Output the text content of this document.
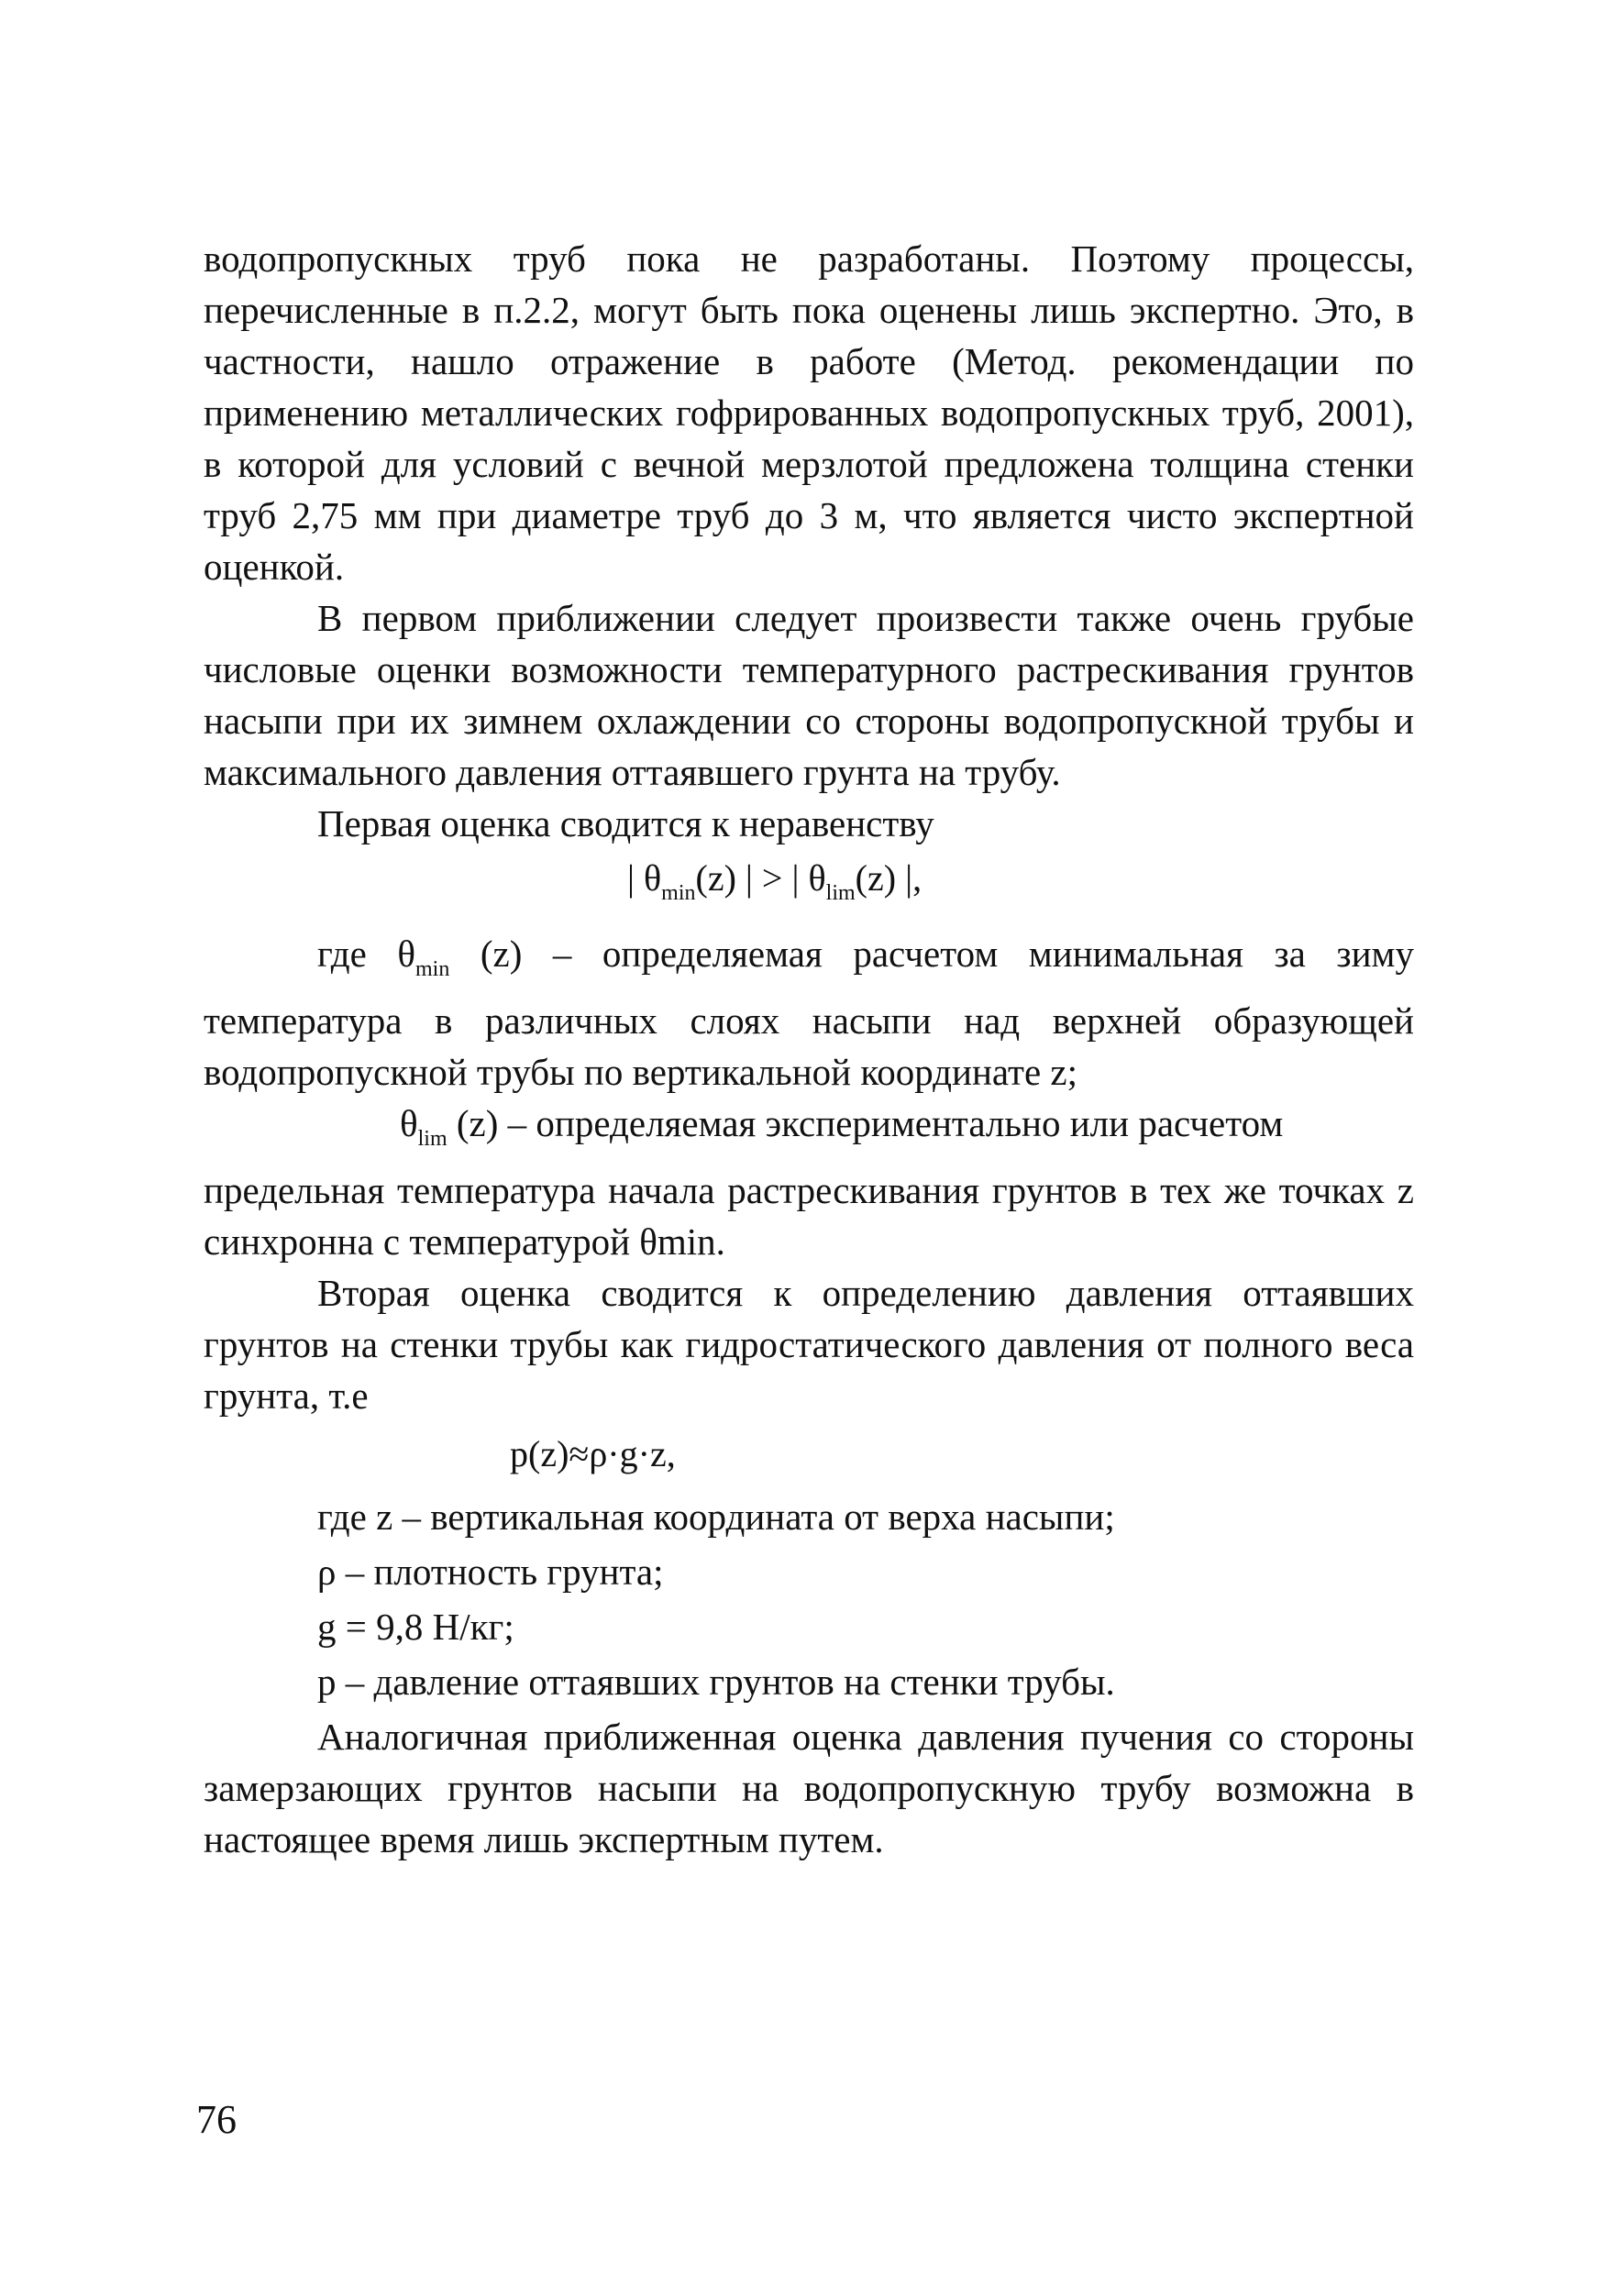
водопропускных труб пока не разработаны. Поэтому процессы, перечисленные в п.2.2, могут быть пока оценены лишь экспертно. Это, в частности, нашло отражение в работе (Метод. рекомендации по применению металлических гофрированных водопропускных труб, 2001), в которой для условий с вечной мерзлотой предложена толщина стенки труб 2,75 мм при диаметре труб до 3 м, что является чисто экспертной оценкой.

В первом приближении следует произвести также очень грубые числовые оценки возможности температурного растрескивания грунтов насыпи при их зимнем охлаждении со стороны водопропускной трубы и максимального давления оттаявшего грунта на трубу.

Первая оценка сводится к неравенству

| $\theta_{min}(z)$ | > | $\theta_{lim}(z)$ |,

где $\theta_{min}$ (z) – определяемая расчетом минимальная за зиму температура в различных слоях насыпи над верхней образующей водопропускной трубы по вертикальной координате z;

$\theta_{lim}$ (z) – определяемая экспериментально или расчетом

предельная температура начала растрескивания грунтов в тех же точках z синхронна с температурой θmin.

Вторая оценка сводится к определению давления оттаявших грунтов на стенки трубы как гидростатического давления от полного веса грунта, т.е

p(z)≈ρ·g·z,
где z – вертикальная координата от верха насыпи;
ρ – плотность грунта;
g = 9,8 Н/кг;
p – давление оттаявших грунтов на стенки трубы.

Аналогичная приближенная оценка давления пучения со стороны замерзающих грунтов насыпи на водопропускную трубу возможна в настоящее время лишь экспертным путем.

76
